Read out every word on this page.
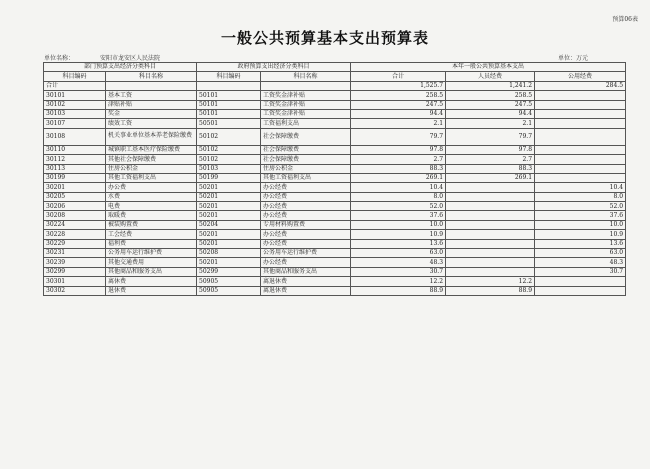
预算06表
一般公共预算基本支出预算表
单位名称：	安阳市龙安区人民法院	单位：万元
部门预算支出经济分类科目		政府预算支出经济分类科目		本年一般公共预算基本支出		
科目编码	科目名称	科目编码	科目名称	合计	人员经费	公用经费
合计				1,525.7	1,241.2	284.5
30101	基本工资	50101	工资奖金津补贴	258.5	258.5	
30102	津贴补贴	50101	工资奖金津补贴	247.5	247.5	
30103	奖金	50101	工资奖金津补贴	94.4	94.4	
30107	绩效工资	50501	工资福利支出	2.1	2.1	
30108	机关事业单位基本养老保险缴费	50102	社会保障缴费	79.7	79.7	
30110	城镇职工基本医疗保险缴费	50102	社会保障缴费	97.8	97.8	
30112	其他社会保障缴费	50102	社会保障缴费	2.7	2.7	
30113	住房公积金	50103	住房公积金	88.3	88.3	
30199	其他工资福利支出	50199	其他工资福利支出	269.1	269.1	
30201	办公费	50201	办公经费	10.4		10.4
30205	水费	50201	办公经费	8.0		8.0
30206	电费	50201	办公经费	52.0		52.0
30208	取暖费	50201	办公经费	37.6		37.6
30224	被装购置费	50204	专用材料购置费	10.0		10.0
30228	工会经费	50201	办公经费	10.9		10.9
30229	福利费	50201	办公经费	13.6		13.6
30231	公务用车运行维护费	50208	公务用车运行维护费	63.0		63.0
30239	其他交通费用	50201	办公经费	48.3		48.3
30299	其他商品和服务支出	50299	其他商品和服务支出	30.7		30.7
30301	离休费	50905	离退休费	12.2	12.2	
30302	退休费	50905	离退休费	88.9	88.9	
